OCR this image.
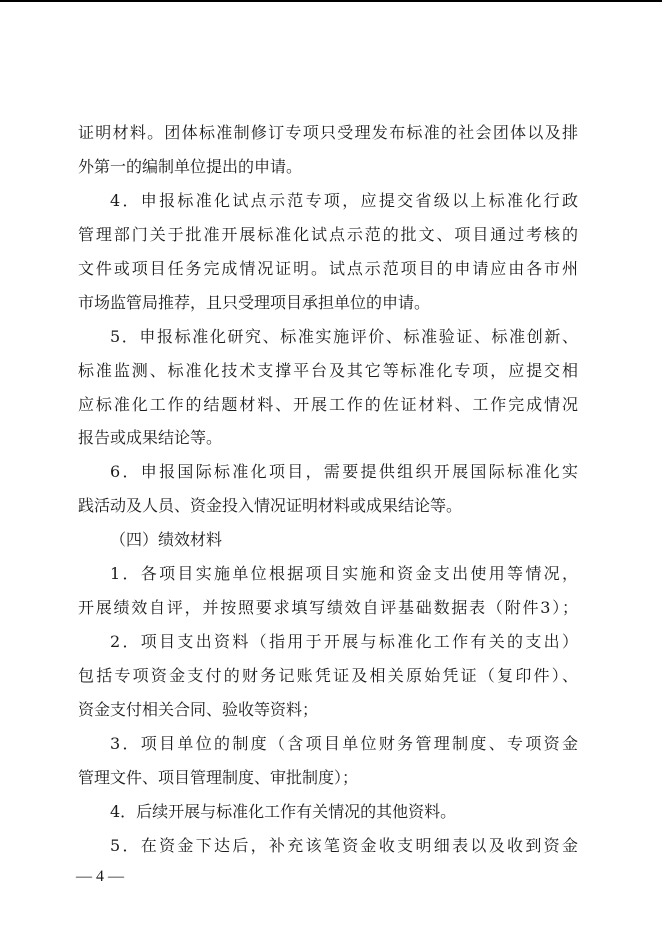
证明材料。团体标准制修订专项只受理发布标准的社会团体以及排
外第一的编制单位提出的申请。
4．申报标准化试点示范专项，应提交省级以上标准化行政
管理部门关于批准开展标准化试点示范的批文、项目通过考核的
文件或项目任务完成情况证明。试点示范项目的申请应由各市州
市场监管局推荐，且只受理项目承担单位的申请。
5．申报标准化研究、标准实施评价、标准验证、标准创新、
标准监测、标准化技术支撑平台及其它等标准化专项，应提交相
应标准化工作的结题材料、开展工作的佐证材料、工作完成情况
报告或成果结论等。
6．申报国际标准化项目，需要提供组织开展国际标准化实
践活动及人员、资金投入情况证明材料或成果结论等。
（四）绩效材料
1．各项目实施单位根据项目实施和资金支出使用等情况，
开展绩效自评，并按照要求填写绩效自评基础数据表（附件3）；
2．项目支出资料（指用于开展与标准化工作有关的支出）
包括专项资金支付的财务记账凭证及相关原始凭证（复印件）、
资金支付相关合同、验收等资料；
3．项目单位的制度（含项目单位财务管理制度、专项资金
管理文件、项目管理制度、审批制度）；
4．后续开展与标准化工作有关情况的其他资料。
5．在资金下达后，补充该笔资金收支明细表以及收到资金
— 4 —
